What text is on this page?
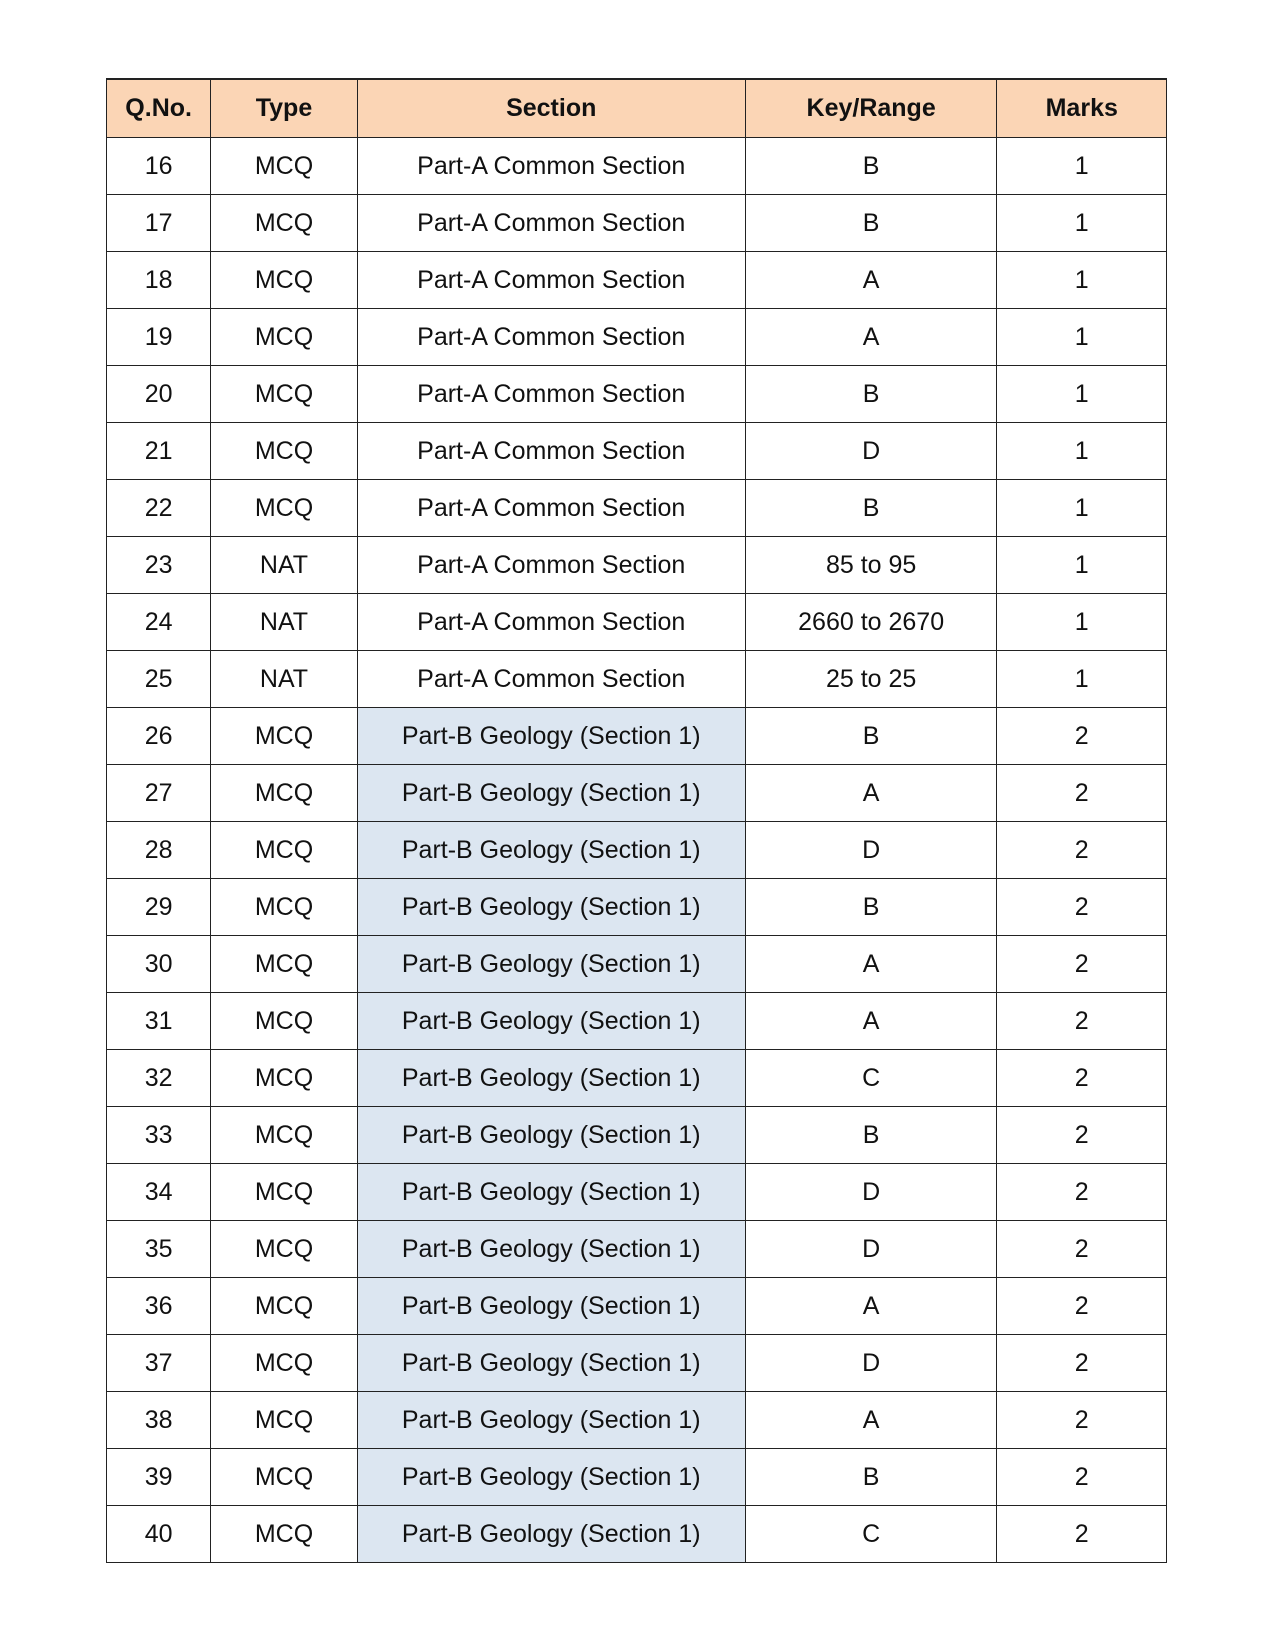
Q.No.	Type	Section	Key/Range	Marks
16	MCQ	Part-A Common Section	B	1
17	MCQ	Part-A Common Section	B	1
18	MCQ	Part-A Common Section	A	1
19	MCQ	Part-A Common Section	A	1
20	MCQ	Part-A Common Section	B	1
21	MCQ	Part-A Common Section	D	1
22	MCQ	Part-A Common Section	B	1
23	NAT	Part-A Common Section	85 to 95	1
24	NAT	Part-A Common Section	2660 to 2670	1
25	NAT	Part-A Common Section	25 to 25	1
26	MCQ	Part-B Geology (Section 1)	B	2
27	MCQ	Part-B Geology (Section 1)	A	2
28	MCQ	Part-B Geology (Section 1)	D	2
29	MCQ	Part-B Geology (Section 1)	B	2
30	MCQ	Part-B Geology (Section 1)	A	2
31	MCQ	Part-B Geology (Section 1)	A	2
32	MCQ	Part-B Geology (Section 1)	C	2
33	MCQ	Part-B Geology (Section 1)	B	2
34	MCQ	Part-B Geology (Section 1)	D	2
35	MCQ	Part-B Geology (Section 1)	D	2
36	MCQ	Part-B Geology (Section 1)	A	2
37	MCQ	Part-B Geology (Section 1)	D	2
38	MCQ	Part-B Geology (Section 1)	A	2
39	MCQ	Part-B Geology (Section 1)	B	2
40	MCQ	Part-B Geology (Section 1)	C	2
